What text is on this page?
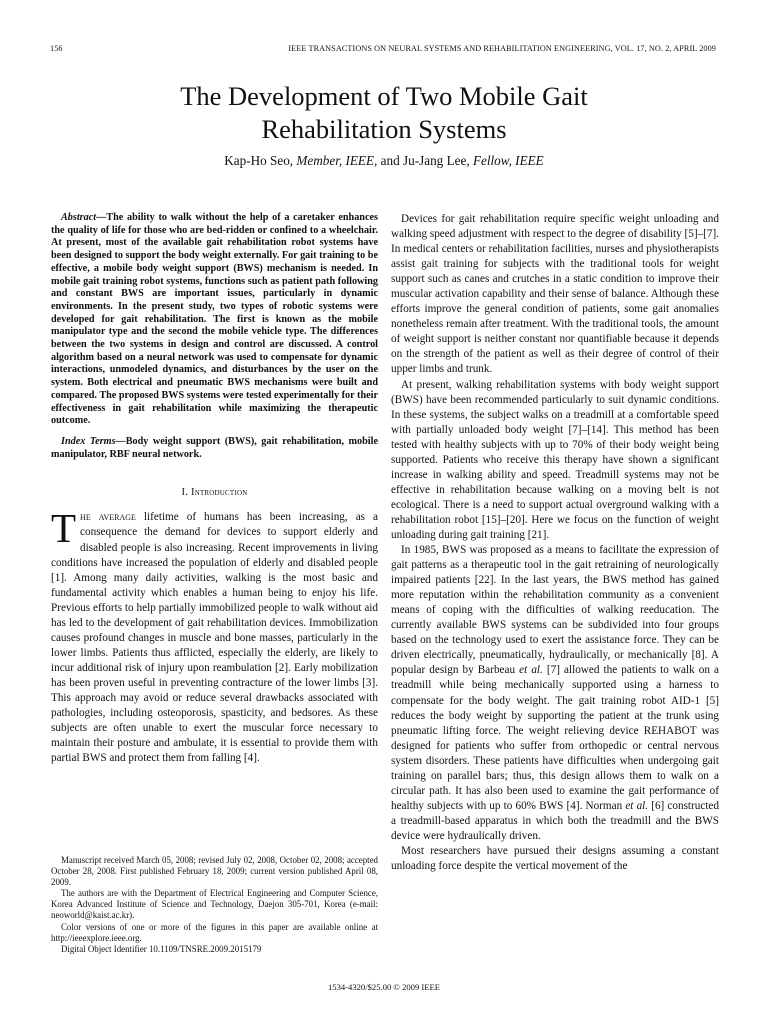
156	IEEE TRANSACTIONS ON NEURAL SYSTEMS AND REHABILITATION ENGINEERING, VOL. 17, NO. 2, APRIL 2009
The Development of Two Mobile Gait
Rehabilitation Systems
Kap-Ho Seo, Member, IEEE, and Ju-Jang Lee, Fellow, IEEE

Abstract—The ability to walk without the help of a caretaker enhances the quality of life for those who are bed-ridden or confined to a wheelchair. At present, most of the available gait rehabilitation robot systems have been designed to support the body weight externally. For gait training to be effective, a mobile body weight support (BWS) mechanism is needed. In mobile gait training robot systems, functions such as patient path following and constant BWS are important issues, particularly in dynamic environments. In the present study, two types of robotic systems were developed for gait rehabilitation. The first is known as the mobile manipulator type and the second the mobile vehicle type. The differences between the two systems in design and control are discussed. A control algorithm based on a neural network was used to compensate for dynamic interactions, unmodeled dynamics, and disturbances by the user on the system. Both electrical and pneumatic BWS mechanisms were built and compared. The proposed BWS systems were tested experimentally for their effectiveness in gait rehabilitation while maximizing the therapeutic outcome.

Index Terms—Body weight support (BWS), gait rehabilitation, mobile manipulator, RBF neural network.

I. Introduction

The average lifetime of humans has been increasing, as a consequence the demand for devices to support elderly and disabled people is also increasing. Recent improvements in living conditions have increased the population of elderly and disabled people [1]. Among many daily activities, walking is the most basic and fundamental activity which enables a human being to enjoy his life. Previous efforts to help partially immobilized people to walk without aid has led to the development of gait rehabilitation devices. Immobilization causes profound changes in muscle and bone masses, particularly in the lower limbs. Patients thus afflicted, especially the elderly, are likely to incur additional risk of injury upon reambulation [2]. Early mobilization has been proven useful in preventing contracture of the lower limbs [3]. This approach may avoid or reduce several drawbacks associated with pathologies, including osteoporosis, spasticity, and bedsores. As these subjects are often unable to exert the muscular force necessary to maintain their posture and ambulate, it is essential to provide them with partial BWS and protect them from falling [4].

Manuscript received March 05, 2008; revised July 02, 2008, October 02, 2008; accepted October 28, 2008. First published February 18, 2009; current version published April 08, 2009.

The authors are with the Department of Electrical Engineering and Computer Science, Korea Advanced Institute of Science and Technology, Daejon 305-701, Korea (e-mail: neoworld@kaist.ac.kr).

Color versions of one or more of the figures in this paper are available online at http://ieeexplore.ieee.org.

Digital Object Identifier 10.1109/TNSRE.2009.2015179

Devices for gait rehabilitation require specific weight unloading and walking speed adjustment with respect to the degree of disability [5]–[7]. In medical centers or rehabilitation facilities, nurses and physiotherapists assist gait training for subjects with the traditional tools for weight support such as canes and crutches in a static condition to improve their muscular activation capability and their sense of balance. Although these efforts improve the general condition of patients, some gait anomalies nonetheless remain after treatment. With the traditional tools, the amount of weight support is neither constant nor quantifiable because it depends on the strength of the patient as well as their degree of control of their upper limbs and trunk.

At present, walking rehabilitation systems with body weight support (BWS) have been recommended particularly to suit dynamic conditions. In these systems, the subject walks on a treadmill at a comfortable speed with partially unloaded body weight [7]–[14]. This method has been tested with healthy subjects with up to 70% of their body weight being supported. Patients who receive this therapy have shown a significant increase in walking ability and speed. Treadmill systems may not be effective in rehabilitation because walking on a moving belt is not ecological. There is a need to support actual overground walking with a rehabilitation robot [15]–[20]. Here we focus on the function of weight unloading during gait training [21].

In 1985, BWS was proposed as a means to facilitate the expression of gait patterns as a therapeutic tool in the gait retraining of neurologically impaired patients [22]. In the last years, the BWS method has gained more reputation within the rehabilitation community as a convenient means of coping with the difficulties of walking reeducation. The currently available BWS systems can be subdivided into four groups based on the technology used to exert the assistance force. They can be driven electrically, pneumatically, hydraulically, or mechanically [8]. A popular design by Barbeau et al. [7] allowed the patients to walk on a treadmill while being mechanically supported using a harness to compensate for the body weight. The gait training robot AID-1 [5] reduces the body weight by supporting the patient at the trunk using pneumatic lifting force. The weight relieving device REHABOT was designed for patients who suffer from orthopedic or central nervous system disorders. These patients have difficulties when undergoing gait training on parallel bars; thus, this design allows them to walk on a circular path. It has also been used to examine the gait performance of healthy subjects with up to 60% BWS [4]. Norman et al. [6] constructed a treadmill-based apparatus in which both the treadmill and the BWS device were hydraulically driven.

Most researchers have pursued their designs assuming a constant unloading force despite the vertical movement of the

1534-4320/$25.00 © 2009 IEEE
